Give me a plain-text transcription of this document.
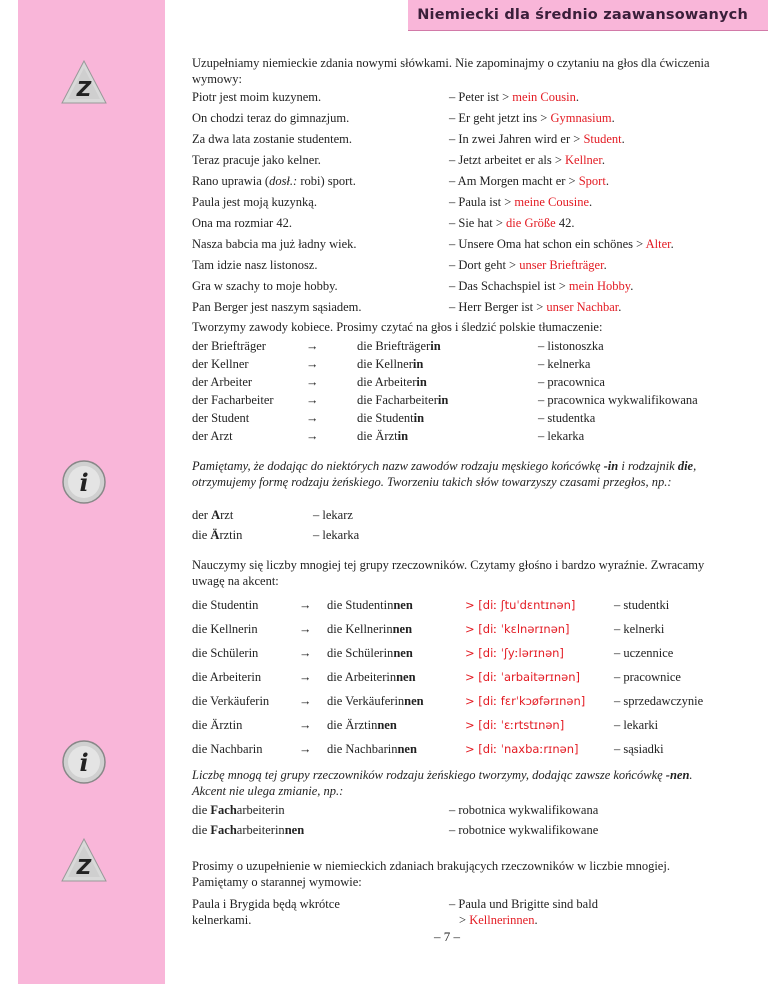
Niemiecki dla średnio zaawansowanych
Z
i
i
Z
Uzupełniamy niemieckie zdania nowymi słówkami. Nie zapominajmy o czytaniu na głos dla ćwiczenia wymowy:
Piotr jest moim kuzynem.	– Peter ist > mein Cousin.
On chodzi teraz do gimnazjum.	– Er geht jetzt ins > Gymnasium.
Za dwa lata zostanie studentem.	– In zwei Jahren wird er > Student.
Teraz pracuje jako kelner.	– Jetzt arbeitet er als > Kellner.
Rano uprawia (dosł.: robi) sport.	– Am Morgen macht er > Sport.
Paula jest moją kuzynką.	– Paula ist > meine Cousine.
Ona ma rozmiar 42.	– Sie hat > die Größe 42.
Nasza babcia ma już ładny wiek.	– Unsere Oma hat schon ein schönes > Alter.
Tam idzie nasz listonosz.	– Dort geht > unser Briefträger.
Gra w szachy to moje hobby.	– Das Schachspiel ist > mein Hobby.
Pan Berger jest naszym sąsiadem.	– Herr Berger ist > unser Nachbar.
Tworzymy zawody kobiece. Prosimy czytać na głos i śledzić polskie tłumaczenie:
der Briefträger	→	die Briefträgerin	– listonoszka
der Kellner	→	die Kellnerin	– kelnerka
der Arbeiter	→	die Arbeiterin	– pracownica
der Facharbeiter	→	die Facharbeiterin	– pracownica wykwalifikowana
der Student	→	die Studentin	– studentka
der Arzt	→	die Ärztin	– lekarka
Pamiętamy, że dodając do niektórych nazw zawodów rodzaju męskiego końcówkę -in i rodzajnik die, otrzymujemy formę rodzaju żeńskiego. Tworzeniu takich słów towarzyszy czasami przegłos, np.:
der Arzt	– lekarz
die Ärztin	– lekarka
Nauczymy się liczby mnogiej tej grupy rzeczowników. Czytamy głośno i bardzo wyraźnie. Zwracamy uwagę na akcent:
die Studentin	→ die Studentinnen	> [diː ʃtuˈdɛntɪnən]	– studentki
die Kellnerin	→ die Kellnerinnen	> [diː ˈkɛlnərɪnən]	– kelnerki
die Schülerin	→ die Schülerinnen	> [diː ˈʃyːlərɪnən]	– uczennice
die Arbeiterin	→ die Arbeiterinnen	> [diː ˈarbaitərɪnən]	– pracownice
die Verkäuferin → die Verkäuferinnen	> [diː fɛrˈkɔøfərɪnən] – sprzedawczynie
die Ärztin	→ die Ärztinnen	> [diː ˈɛːrtstɪnən]	– lekarki
die Nachbarin	→ die Nachbarinnen	> [diː ˈnaxbaːrɪnən]	– sąsiadki
Liczbę mnogą tej grupy rzeczowników rodzaju żeńskiego tworzymy, dodając zawsze końcówkę -nen. Akcent nie ulega zmianie, np.:
die Facharbeiterin	– robotnica wykwalifikowana
die Facharbeiterinnen	– robotnice wykwalifikowane
– 7 –
Prosimy o uzupełnienie w niemieckich zdaniach brakujących rzeczowników w liczbie mnogiej. Pamiętamy o starannej wymowie:
Paula i Brygida będą wkrótce kelnerkami.
– Paula und Brigitte sind bald
> Kellnerinnen.
